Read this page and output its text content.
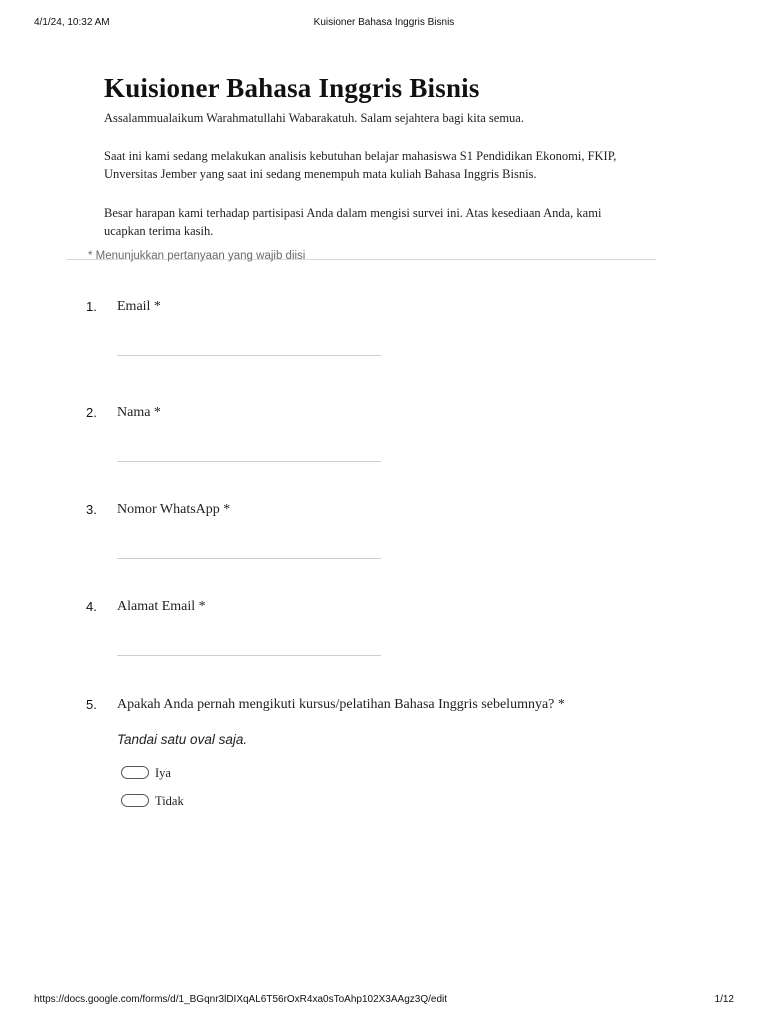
4/1/24, 10:32 AM	Kuisioner Bahasa Inggris Bisnis
Kuisioner Bahasa Inggris Bisnis
Assalammualaikum Warahmatullahi Wabarakatuh. Salam sejahtera bagi kita semua.
Saat ini kami sedang melakukan analisis kebutuhan belajar mahasiswa S1 Pendidikan Ekonomi, FKIP, Unversitas Jember yang saat ini sedang menempuh mata kuliah Bahasa Inggris Bisnis.
Besar harapan kami terhadap partisipasi Anda dalam mengisi survei ini. Atas kesediaan Anda, kami ucapkan terima kasih.
* Menunjukkan pertanyaan yang wajib diisi
1. Email *
2. Nama *
3. Nomor WhatsApp *
4. Alamat Email *
5. Apakah Anda pernah mengikuti kursus/pelatihan Bahasa Inggris sebelumnya? *
Tandai satu oval saja.
Iya
Tidak
https://docs.google.com/forms/d/1_BGqnr3lDIXqAL6T56rOxR4xa0sToAhp102X3AAgz3Q/edit	1/12
